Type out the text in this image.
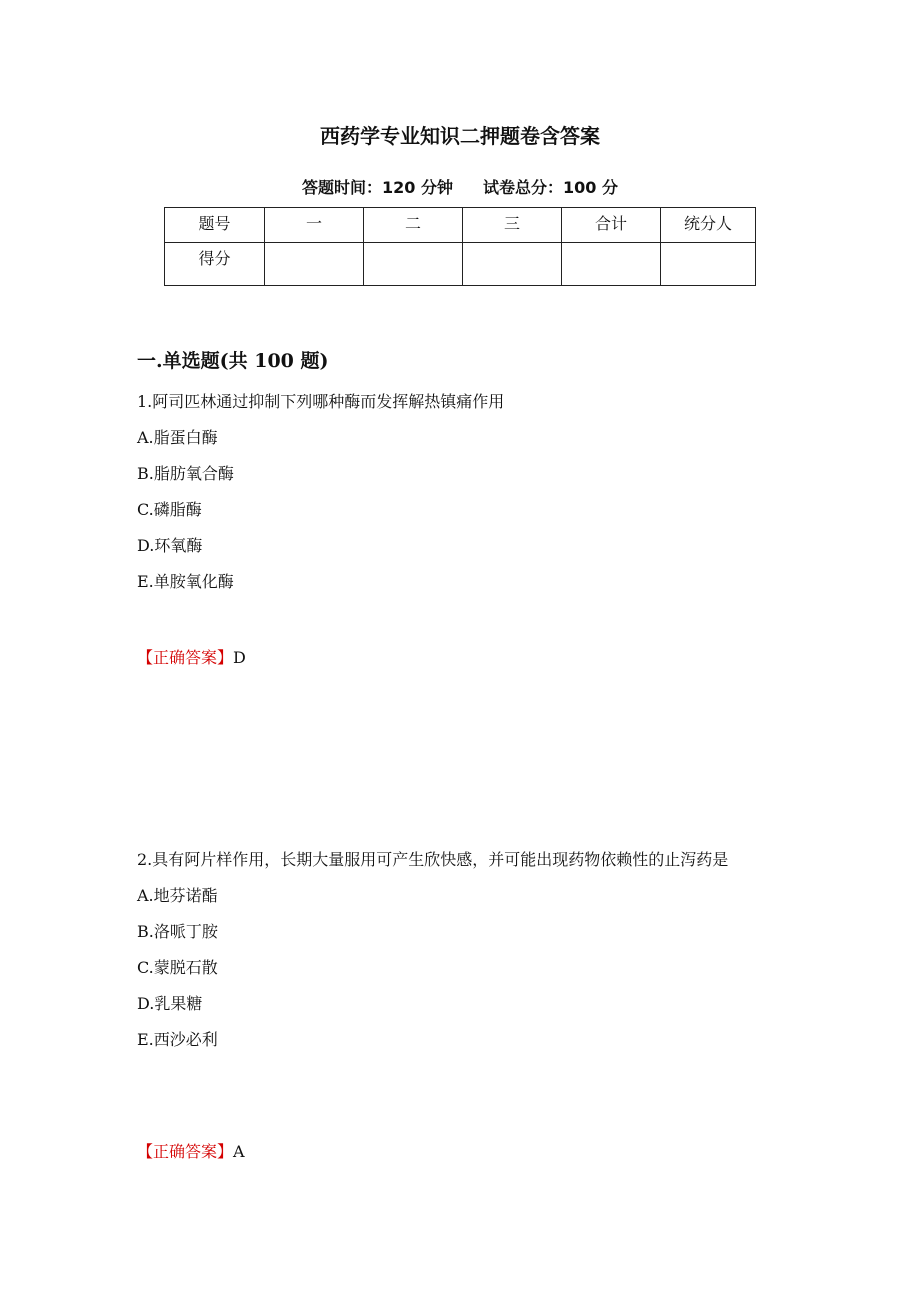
西药学专业知识二押题卷含答案
答题时间：120 分钟 试卷总分：100 分
题号	一	二	三	合计	统分人
得分					
一.单选题(共 100 题)

1.阿司匹林通过抑制下列哪种酶而发挥解热镇痛作用

A.脂蛋白酶

B.脂肪氧合酶

C.磷脂酶

D.环氧酶

E.单胺氧化酶

【正确答案】D

2.具有阿片样作用，长期大量服用可产生欣快感，并可能出现药物依赖性的止泻药是

A.地芬诺酯

B.洛哌丁胺

C.蒙脱石散

D.乳果糖

E.西沙必利

【正确答案】A
